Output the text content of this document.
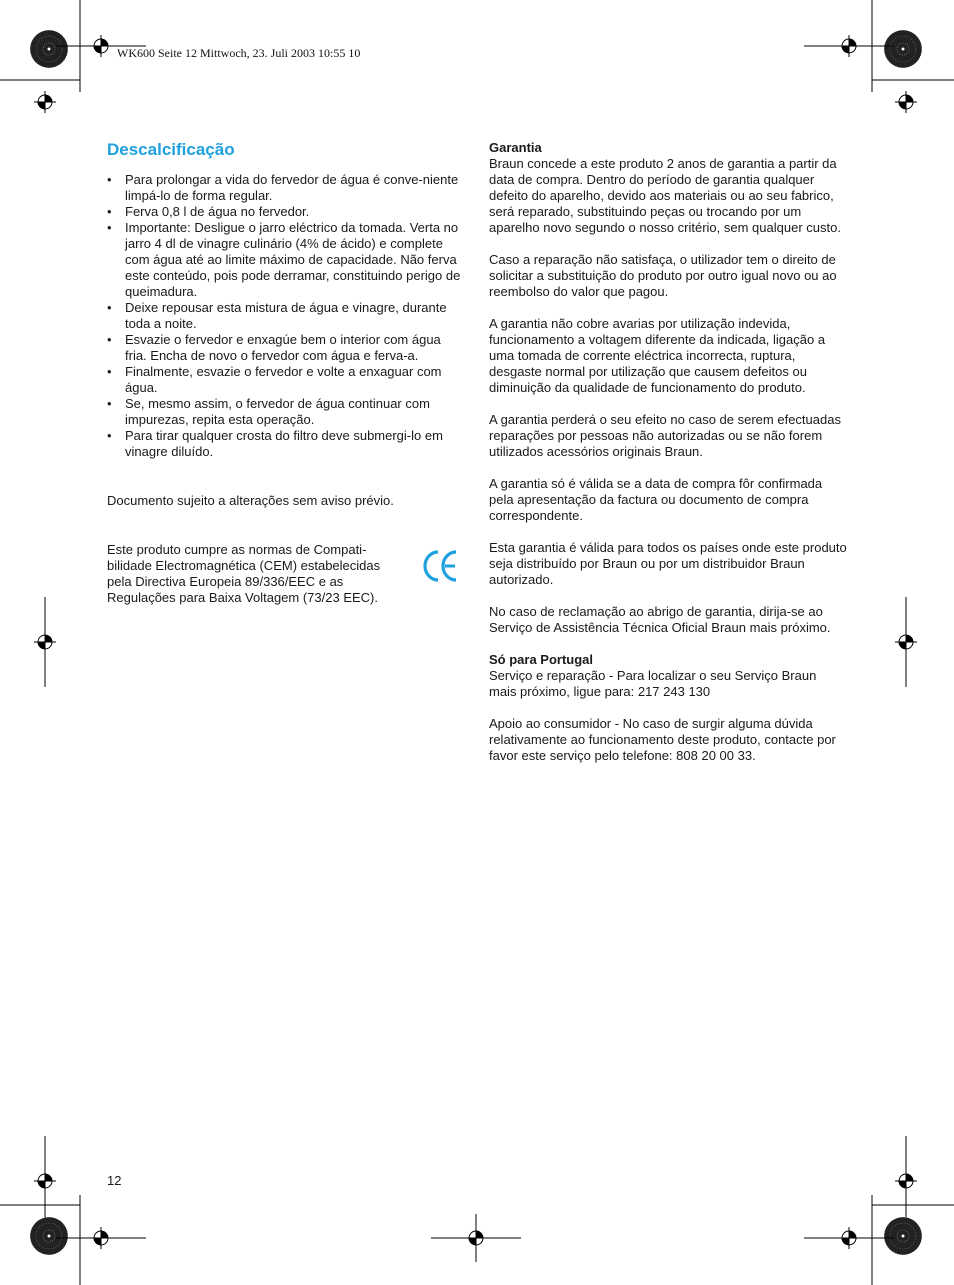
WK600 Seite 12 Mittwoch, 23. Juli 2003 10:55 10
Descalcificação
• Para prolongar a vida do fervedor de água é conve-niente limpá-lo de forma regular.
• Ferva 0,8 l de água no fervedor.
• Importante: Desligue o jarro eléctrico da tomada. Verta no jarro 4 dl de vinagre culinário (4% de ácido) e complete com água até ao limite máximo de capacidade. Não ferva este conteúdo, pois pode derramar, constituindo perigo de queimadura.
• Deixe repousar esta mistura de água e vinagre, durante toda a noite.
• Esvazie o fervedor e enxagúe bem o interior com água fria. Encha de novo o fervedor com água e ferva-a.
• Finalmente, esvazie o fervedor e volte a enxaguar com água.
• Se, mesmo assim, o fervedor de água continuar com impurezas, repita esta operação.
• Para tirar qualquer crosta do filtro deve submergi-lo em vinagre diluído.

Documento sujeito a alterações sem aviso prévio.

Este produto cumpre as normas de Compati-bilidade Electromagnética (CEM) estabelecidas pela Directiva Europeia 89/336/EEC e as Regulações para Baixa Voltagem (73/23 EEC).

Garantia
Braun concede a este produto 2 anos de garantia a partir da data de compra. Dentro do período de garantia qualquer defeito do aparelho, devido aos materiais ou ao seu fabrico, será reparado, substituindo peças ou trocando por um aparelho novo segundo o nosso critério, sem qualquer custo.

Caso a reparação não satisfaça, o utilizador tem o direito de solicitar a substituição do produto por outro igual novo ou ao reembolso do valor que pagou.

A garantia não cobre avarias por utilização indevida, funcionamento a voltagem diferente da indicada, ligação a uma tomada de corrente eléctrica incorrecta, ruptura, desgaste normal por utilização que causem defeitos ou diminuição da qualidade de funcionamento do produto.

A garantia perderá o seu efeito no caso de serem efectuadas reparações por pessoas não autorizadas ou se não forem utilizados acessórios originais Braun.

A garantia só é válida se a data de compra fôr confirmada pela apresentação da factura ou documento de compra correspondente.

Esta garantia é válida para todos os países onde este produto seja distribuído por Braun ou por um distribuidor Braun autorizado.

No caso de reclamação ao abrigo de garantia, dirija-se ao Serviço de Assistência Técnica Oficial Braun mais próximo.

Só para Portugal
Serviço e reparação - Para localizar o seu Serviço Braun mais próximo, ligue para: 217 243 130

Apoio ao consumidor - No caso de surgir alguma dúvida relativamente ao funcionamento deste produto, contacte por favor este serviço pelo telefone: 808 20 00 33.

12
